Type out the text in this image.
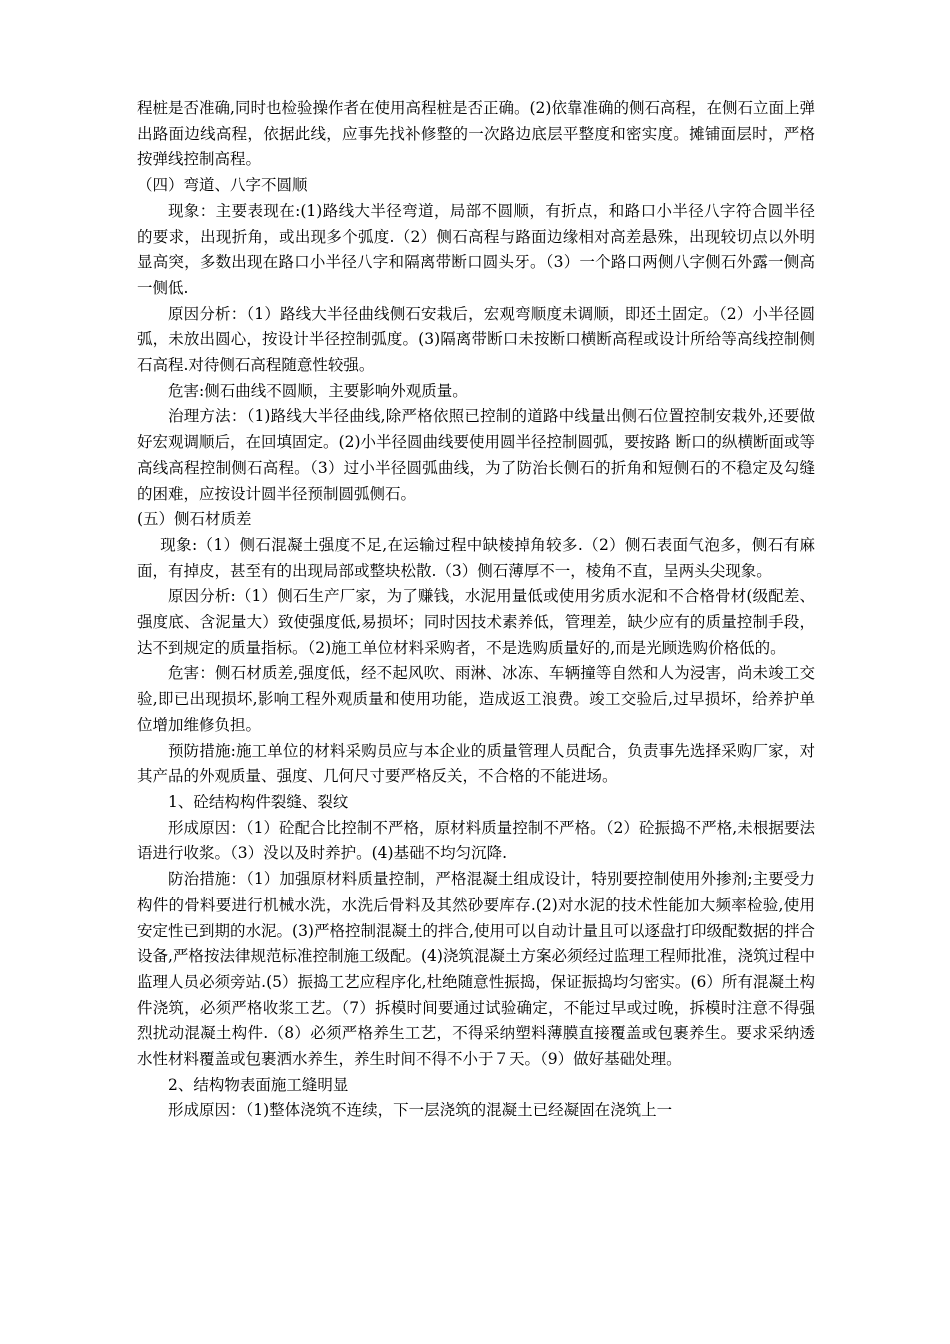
程桩是否准确,同时也检验操作者在使用高程桩是否正确。(2)依靠准确的侧石高程，在侧石立面上弹出路面边线高程，依据此线，应事先找补修整的一次路边底层平整度和密实度。摊铺面层时，严格按弹线控制高程。

（四）弯道、八字不圆顺

现象：主要表现在:(1)路线大半径弯道，局部不圆顺，有折点，和路口小半径八字符合圆半径的要求，出现折角，或出现多个弧度.（2）侧石高程与路面边缘相对高差悬殊，出现较切点以外明显高突，多数出现在路口小半径八字和隔离带断口圆头牙。（3）一个路口两侧八字侧石外露一侧高一侧低.

原因分析：（1）路线大半径曲线侧石安栽后，宏观弯顺度未调顺，即还土固定。（2）小半径圆弧，未放出圆心，按设计半径控制弧度。(3)隔离带断口未按断口横断高程或设计所给等高线控制侧石高程.对待侧石高程随意性较强。

危害:侧石曲线不圆顺，主要影响外观质量。

治理方法：（1)路线大半径曲线,除严格依照已控制的道路中线量出侧石位置控制安栽外,还要做好宏观调顺后，在回填固定。(2)小半径圆曲线要使用圆半径控制圆弧，要按路 断口的纵横断面或等高线高程控制侧石高程。（3）过小半径圆弧曲线，为了防治长侧石的折角和短侧石的不稳定及勾缝的困难，应按设计圆半径预制圆弧侧石。

(五）侧石材质差

现象:（1）侧石混凝土强度不足,在运输过程中缺棱掉角较多.（2）侧石表面气泡多，侧石有麻面，有掉皮，甚至有的出现局部或整块松散.（3）侧石薄厚不一，棱角不直，呈两头尖现象。

原因分析:（1）侧石生产厂家，为了赚钱，水泥用量低或使用劣质水泥和不合格骨材(级配差、强度底、含泥量大）致使强度低,易损坏；同时因技术素养低，管理差，缺少应有的质量控制手段，达不到规定的质量指标。（2)施工单位材料采购者，不是选购质量好的,而是光顾选购价格低的。

危害：侧石材质差,强度低，经不起风吹、雨淋、冰冻、车辆撞等自然和人为浸害，尚未竣工交验,即已出现损坏,影响工程外观质量和使用功能，造成返工浪费。竣工交验后,过早损坏，给养护单位增加维修负担。

预防措施:施工单位的材料采购员应与本企业的质量管理人员配合，负责事先选择采购厂家，对其产品的外观质量、强度、几何尺寸要严格反关，不合格的不能进场。

1、砼结构构件裂缝、裂纹

形成原因：（1）砼配合比控制不严格，原材料质量控制不严格。（2）砼振捣不严格,未根据要法语进行收浆。（3）没以及时养护。(4)基础不均匀沉降.

防治措施：（1）加强原材料质量控制，严格混凝土组成设计，特别要控制使用外掺剂;主要受力构件的骨料要进行机械水洗，水洗后骨料及其然砂要库存.(2)对水泥的技术性能加大频率检验,使用安定性已到期的水泥。(3)严格控制混凝土的拌合,使用可以自动计量且可以逐盘打印级配数据的拌合设备,严格按法律规范标准控制施工级配。(4)浇筑混凝土方案必须经过监理工程师批准，浇筑过程中监理人员必须旁站.(5）振捣工艺应程序化,杜绝随意性振捣，保证振捣均匀密实。(6）所有混凝土构件浇筑，必须严格收浆工艺。（7）拆模时间要通过试验确定，不能过早或过晚，拆模时注意不得强烈扰动混凝土构件.（8）必须严格养生工艺，不得采纳塑料薄膜直接覆盖或包裹养生。要求采纳透水性材料覆盖或包裹洒水养生，养生时间不得不小于７天。（9）做好基础处理。

2、结构物表面施工缝明显

形成原因：（1)整体浇筑不连续，下一层浇筑的混凝土已经凝固在浇筑上一
